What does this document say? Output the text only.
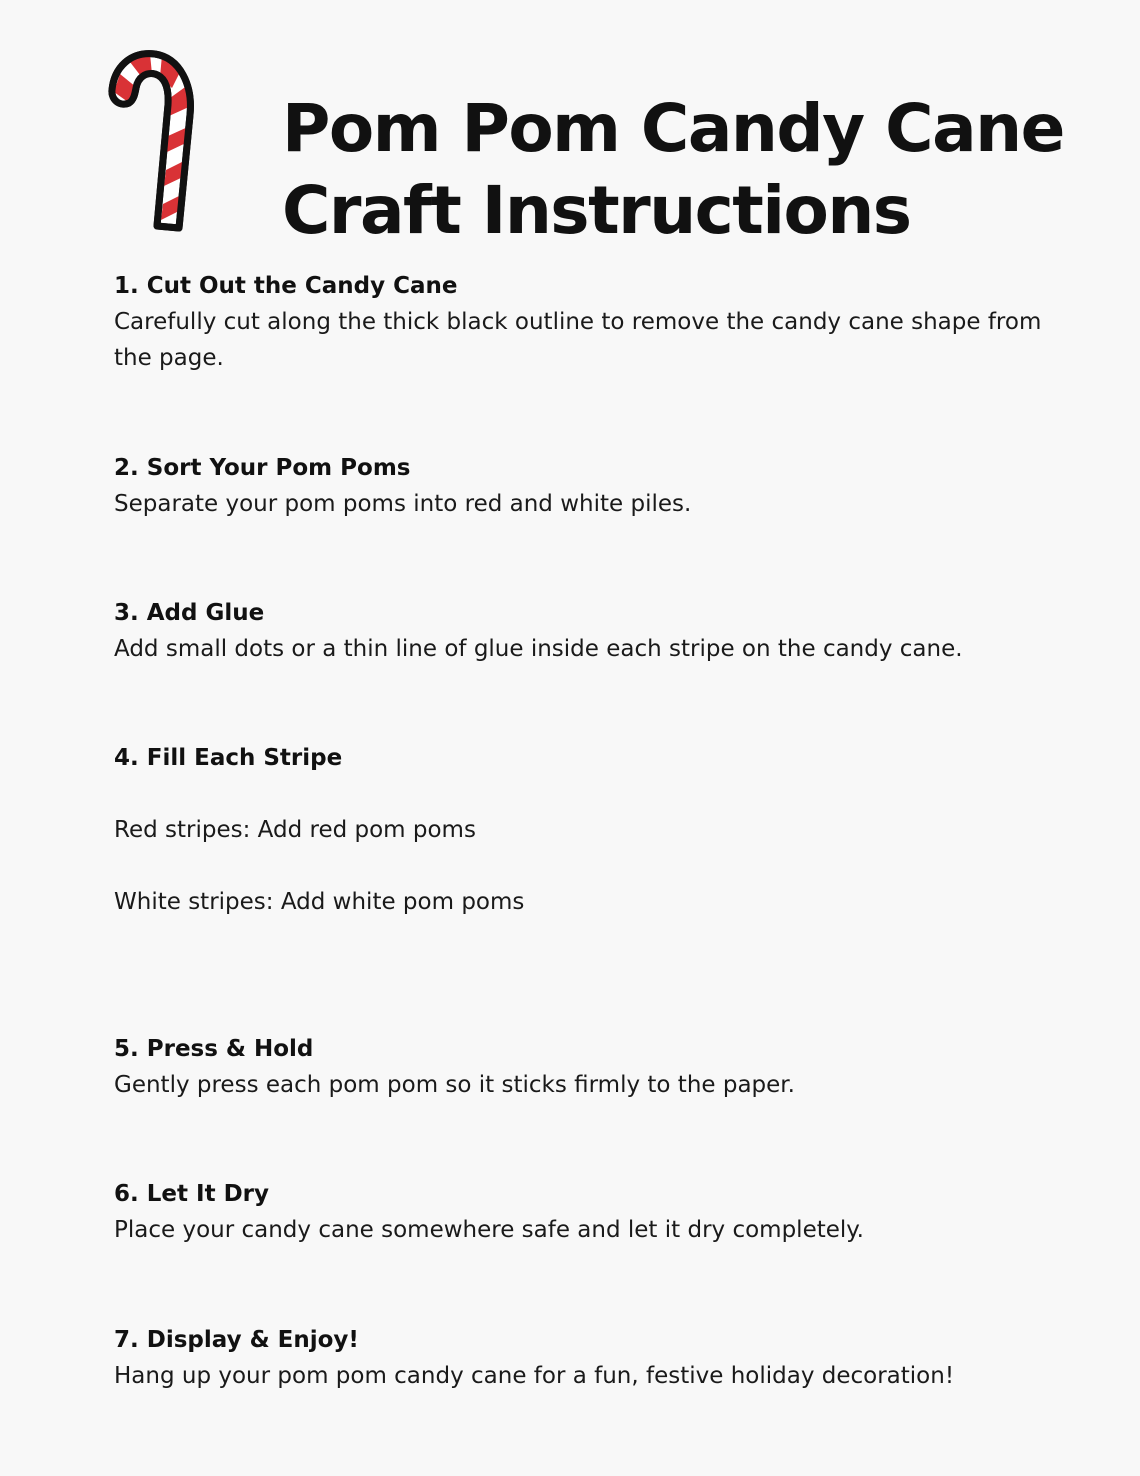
Pom Pom Candy Cane
Craft Instructions

1. Cut Out the Candy Cane

Carefully cut along the thick black outline to remove the candy cane shape from the page.

2. Sort Your Pom Poms

Separate your pom poms into red and white piles.

3. Add Glue

Add small dots or a thin line of glue inside each stripe on the candy cane.

4. Fill Each Stripe

Red stripes: Add red pom poms

White stripes: Add white pom poms

5. Press & Hold

Gently press each pom pom so it sticks firmly to the paper.

6. Let It Dry

Place your candy cane somewhere safe and let it dry completely.

7. Display & Enjoy!

Hang up your pom pom candy cane for a fun, festive holiday decoration!
